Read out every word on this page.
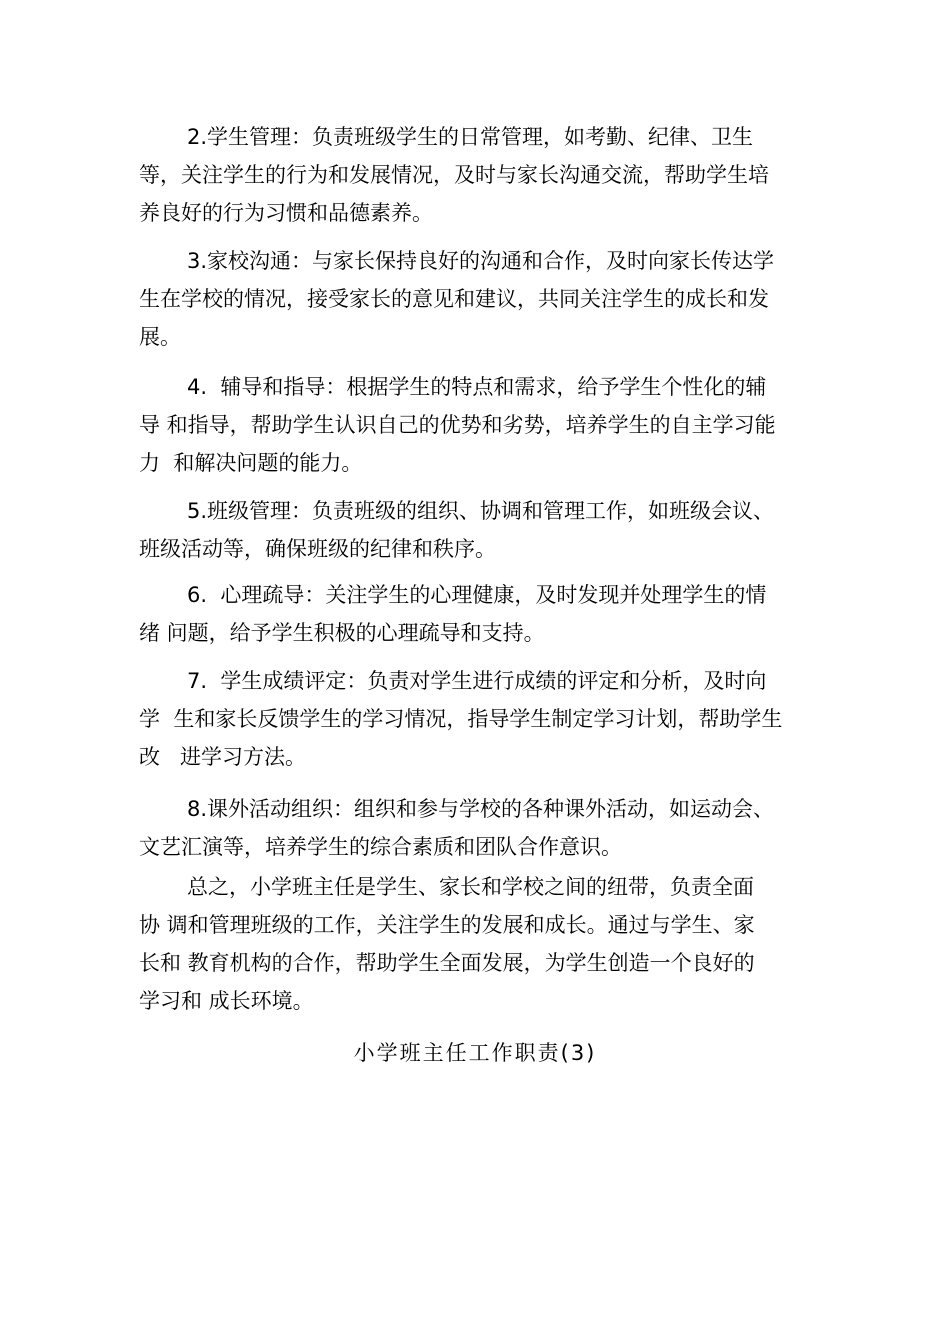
2.学生管理：负责班级学生的日常管理，如考勤、纪律、卫生
等，关注学生的行为和发展情况，及时与家长沟通交流，帮助学生培
养良好的行为习惯和品德素养。

3.家校沟通：与家长保持良好的沟通和合作，及时向家长传达学
生在学校的情况，接受家长的意见和建议，共同关注学生的成长和发
展。

4.  辅导和指导：根据学生的特点和需求，给予学生个性化的辅
导 和指导，帮助学生认识自己的优势和劣势，培养学生的自主学习能
力  和解决问题的能力。

5.班级管理：负责班级的组织、协调和管理工作，如班级会议、
班级活动等，确保班级的纪律和秩序。

6.  心理疏导：关注学生的心理健康，及时发现并处理学生的情
绪 问题，给予学生积极的心理疏导和支持。

7.  学生成绩评定：负责对学生进行成绩的评定和分析，及时向
学  生和家长反馈学生的学习情况，指导学生制定学习计划，帮助学生
改   进学习方法。

8.课外活动组织：组织和参与学校的各种课外活动，如运动会、
文艺汇演等，培养学生的综合素质和团队合作意识。

总之，小学班主任是学生、家长和学校之间的纽带，负责全面
协 调和管理班级的工作，关注学生的发展和成长。通过与学生、家
长和 教育机构的合作，帮助学生全面发展，为学生创造一个良好的
学习和 成长环境。

小学班主任工作职责(3)
